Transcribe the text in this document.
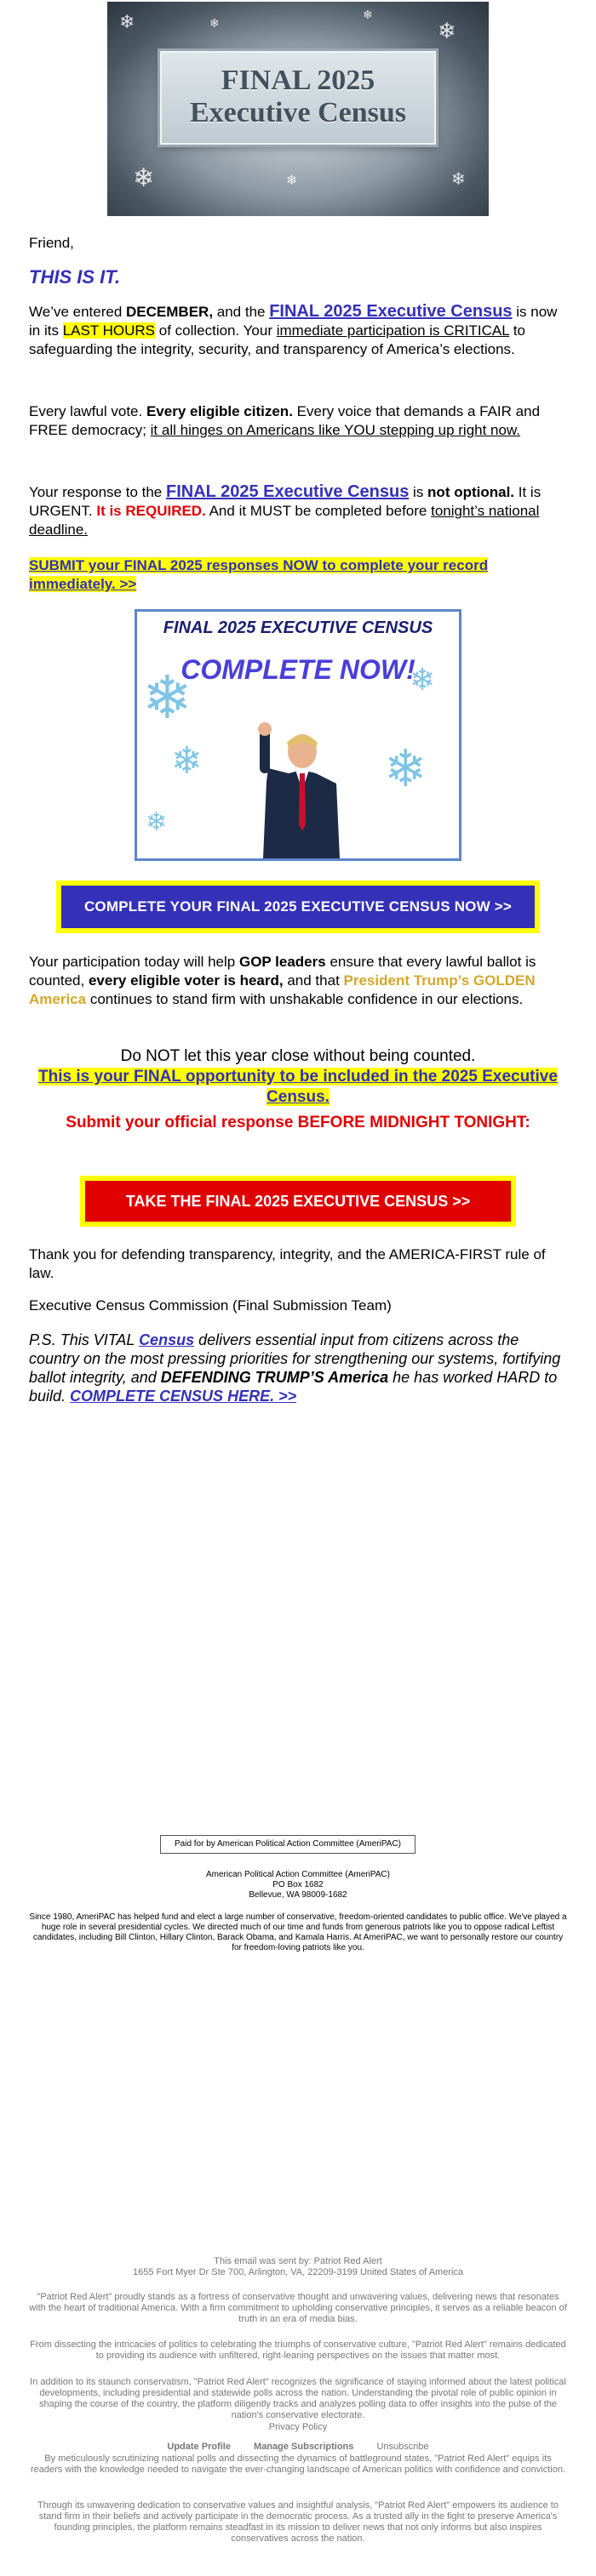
❄	❄
❄	❄
❄
❄
❄
FINAL 2025
Executive Census

Friend,

THIS IS IT.

We’ve entered DECEMBER, and the FINAL 2025 Executive Census is now in its LAST HOURS of collection. Your immediate participation is CRITICAL to safeguarding the integrity, security, and transparency of America’s elections.

Every lawful vote. Every eligible citizen. Every voice that demands a FAIR and FREE democracy; it all hinges on Americans like YOU stepping up right now.

Your response to the FINAL 2025 Executive Census is not optional. It is URGENT. It is REQUIRED. And it MUST be completed before tonight’s national deadline.

SUBMIT your FINAL 2025 responses NOW to complete your record immediately. >>

FINAL 2025 EXECUTIVE CENSUS
COMPLETE NOW!
❄
❄	❄
❄
❄
COMPLETE YOUR FINAL 2025 EXECUTIVE CENSUS NOW >>

Your participation today will help GOP leaders ensure that every lawful ballot is counted, every eligible voter is heard, and that President Trump’s GOLDEN America continues to stand firm with unshakable confidence in our elections.

Do NOT let this year close without being counted.
This is your FINAL opportunity to be included in the 2025 Executive Census.

Submit your official response BEFORE MIDNIGHT TONIGHT:

TAKE THE FINAL 2025 EXECUTIVE CENSUS >>

Thank you for defending transparency, integrity, and the AMERICA-FIRST rule of law.

Executive Census Commission (Final Submission Team)

P.S. This VITAL Census delivers essential input from citizens across the country on the most pressing priorities for strengthening our systems, fortifying ballot integrity, and DEFENDING TRUMP’S America he has worked HARD to build. COMPLETE CENSUS HERE. >>

Paid for by American Political Action Committee (AmeriPAC)
American Political Action Committee (AmeriPAC)
PO Box 1682
Bellevue, WA 98009-1682
Since 1980, AmeriPAC has helped fund and elect a large number of conservative, freedom-oriented candidates to public office. We've played a huge role in several presidential cycles. We directed much of our time and funds from generous patriots like you to oppose radical Leftist candidates, including Bill Clinton, Hillary Clinton, Barack Obama, and Kamala Harris. At AmeriPAC, we want to personally restore our country for freedom-loving patriots like you.
This email was sent by: Patriot Red Alert
1655 Fort Myer Dr Ste 700, Arlington, VA, 22209-3199 United States of America
"Patriot Red Alert" proudly stands as a fortress of conservative thought and unwavering values, delivering news that resonates with the heart of traditional America. With a firm commitment to upholding conservative principles, it serves as a reliable beacon of truth in an era of media bias.
From dissecting the intricacies of politics to celebrating the triumphs of conservative culture, "Patriot Red Alert" remains dedicated to providing its audience with unfiltered, right-leaning perspectives on the issues that matter most.
In addition to its staunch conservatism, "Patriot Red Alert" recognizes the significance of staying informed about the latest political developments, including presidential and statewide polls across the nation. Understanding the pivotal role of public opinion in shaping the course of the country, the platform diligently tracks and analyzes polling data to offer insights into the pulse of the nation's conservative electorate.
Privacy Policy
Update Profile Manage Subscriptions Unsubscribe
By meticulously scrutinizing national polls and dissecting the dynamics of battleground states, "Patriot Red Alert" equips its readers with the knowledge needed to navigate the ever-changing landscape of American politics with confidence and conviction.
Through its unwavering dedication to conservative values and insightful analysis, "Patriot Red Alert" empowers its audience to stand firm in their beliefs and actively participate in the democratic process. As a trusted ally in the fight to preserve America's founding principles, the platform remains steadfast in its mission to deliver news that not only informs but also inspires conservatives across the nation.
